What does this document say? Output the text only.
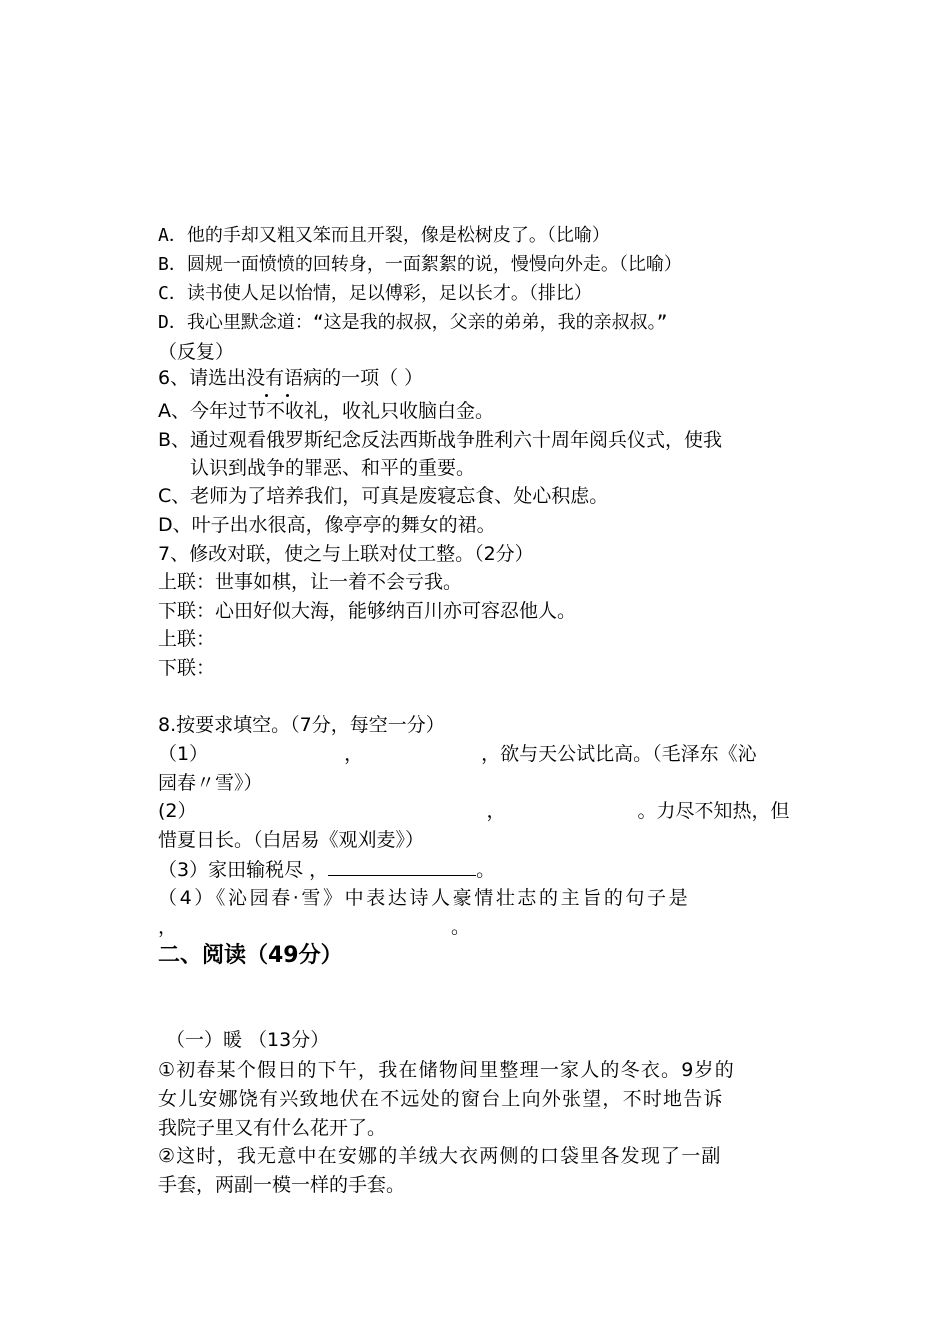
A．他的手却又粗又笨而且开裂，像是松树皮了。（比喻）
B．圆规一面愤愤的回转身，一面絮絮的说，慢慢向外走。（比喻）
C．读书使人足以怡情，足以傅彩，足以长才。（排比）
D．我心里默念道：“这是我的叔叔，父亲的弟弟，我的亲叔叔。”
（反复）
6、请选出没有语病的一项（ ）
A、今年过节不收礼，收礼只收脑白金。
B、通过观看俄罗斯纪念反法西斯战争胜利六十周年阅兵仪式，使我
认识到战争的罪恶、和平的重要。
C、老师为了培养我们，可真是废寝忘食、处心积虑。
D、叶子出水很高，像亭亭的舞女的裙。
7、修改对联，使之与上联对仗工整。（2分）
上联：世事如棋，让一着不会亏我。
下联：心田好似大海，能够纳百川亦可容忍他人。
上联：
下联：
8.按要求填空。（7分，每空一分）
（1）	，	，欲与天公试比高。（毛泽东《沁
园春〃雪》）
(2）	，	。力尽不知热，但
惜夏日长。（白居易《观刈麦》）
（3）家田输税尽 ，	。
（4）《沁园春·雪》中表达诗人豪情壮志的主旨的句子是
，	。
二、阅读（49分）
（一）暖 （13分）
①初春某个假日的下午，我在储物间里整理一家人的冬衣。9岁的
女儿安娜饶有兴致地伏在不远处的窗台上向外张望，不时地告诉
我院子里又有什么花开了。
②这时，我无意中在安娜的羊绒大衣两侧的口袋里各发现了一副
手套，两副一模一样的手套。
